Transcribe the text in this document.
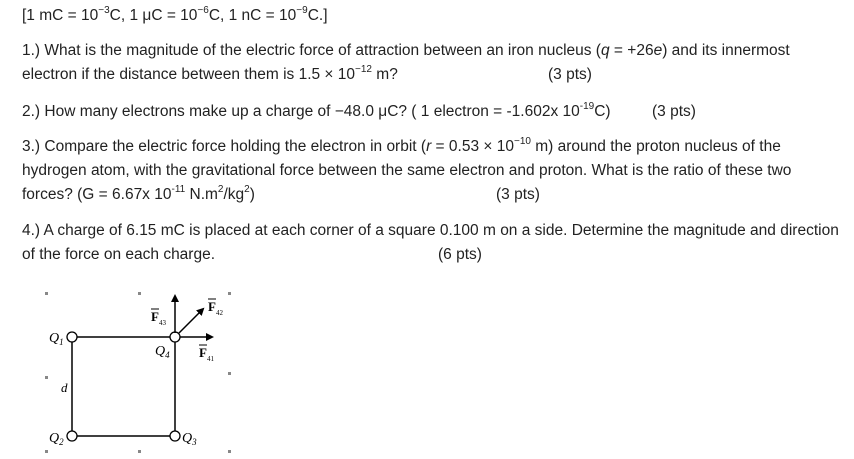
[1 mC = $10^{-3}C$, 1 $\mu C = 10^{-6}C$, 1 nC = $10^{-9}C$.]
1.) What is the magnitude of the electric force of attraction between an iron nucleus (q = +26e) and its innermost
electron if the distance between them is $1.5 \times 10^{-12}$ m?	(3 pts)
2.) How many electrons make up a charge of −48.0 μC? ( 1 electron = -1.602x $10^{-19}C$)	(3 pts)
3.) Compare the electric force holding the electron in orbit ($r = 0.53 \times 10^{-10}$ m) around the proton nucleus of the
hydrogen atom, with the gravitational force between the same electron and proton. What is the ratio of these two
forces? (G = 6.67x $10^{-11}$ $N.m^2/kg^2$)	(3 pts)
4.) A charge of 6.15 mC is placed at each corner of a square 0.100 m on a side. Determine the magnitude and direction
of the force on each charge.	(6 pts)
$Q_1$
$Q_2$	$Q_3$
$Q_4$
d
$F_{43}$
$F_{42}$
$F_{41}$
